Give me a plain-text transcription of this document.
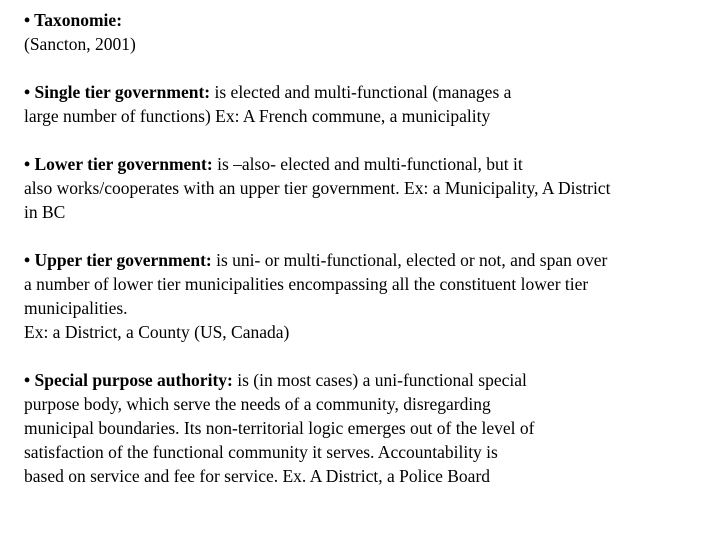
• Taxonomie:
(Sancton, 2001)
• Single tier government: is elected and multi-functional (manages a
large number of functions) Ex: A French commune, a municipality
• Lower tier government: is –also- elected and multi-functional, but it
also works/cooperates with an upper tier government. Ex: a Municipality, A District
in BC
• Upper tier government: is uni- or multi-functional, elected or not, and span over
a number of lower tier municipalities encompassing all the constituent lower tier
municipalities.
Ex: a District, a County (US, Canada)
• Special purpose authority: is (in most cases) a uni-functional special
purpose body, which serve the needs of a community, disregarding
municipal boundaries. Its non-territorial logic emerges out of the level of
satisfaction of the functional community it serves. Accountability is
based on service and fee for service. Ex. A District, a Police Board
